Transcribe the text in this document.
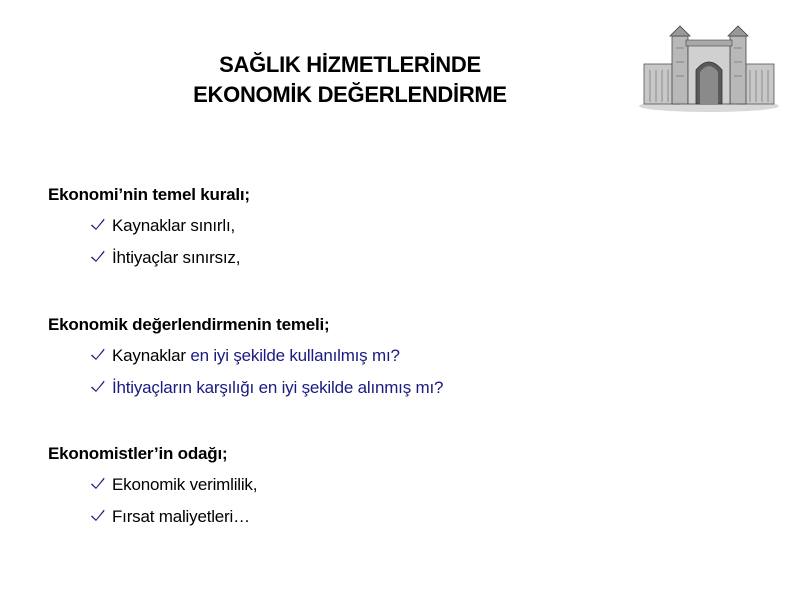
SAĞLIK HİZMETLERİNDE
EKONOMİK DEĞERLENDİRME
Ekonomi’nin temel kuralı;
Kaynaklar sınırlı,
İhtiyaçlar sınırsız,
Ekonomik değerlendirmenin temeli;
Kaynaklar en iyi şekilde kullanılmış mı?
İhtiyaçların karşılığı en iyi şekilde alınmış mı?
Ekonomistler’in odağı;
Ekonomik verimlilik,
Fırsat maliyetleri…
